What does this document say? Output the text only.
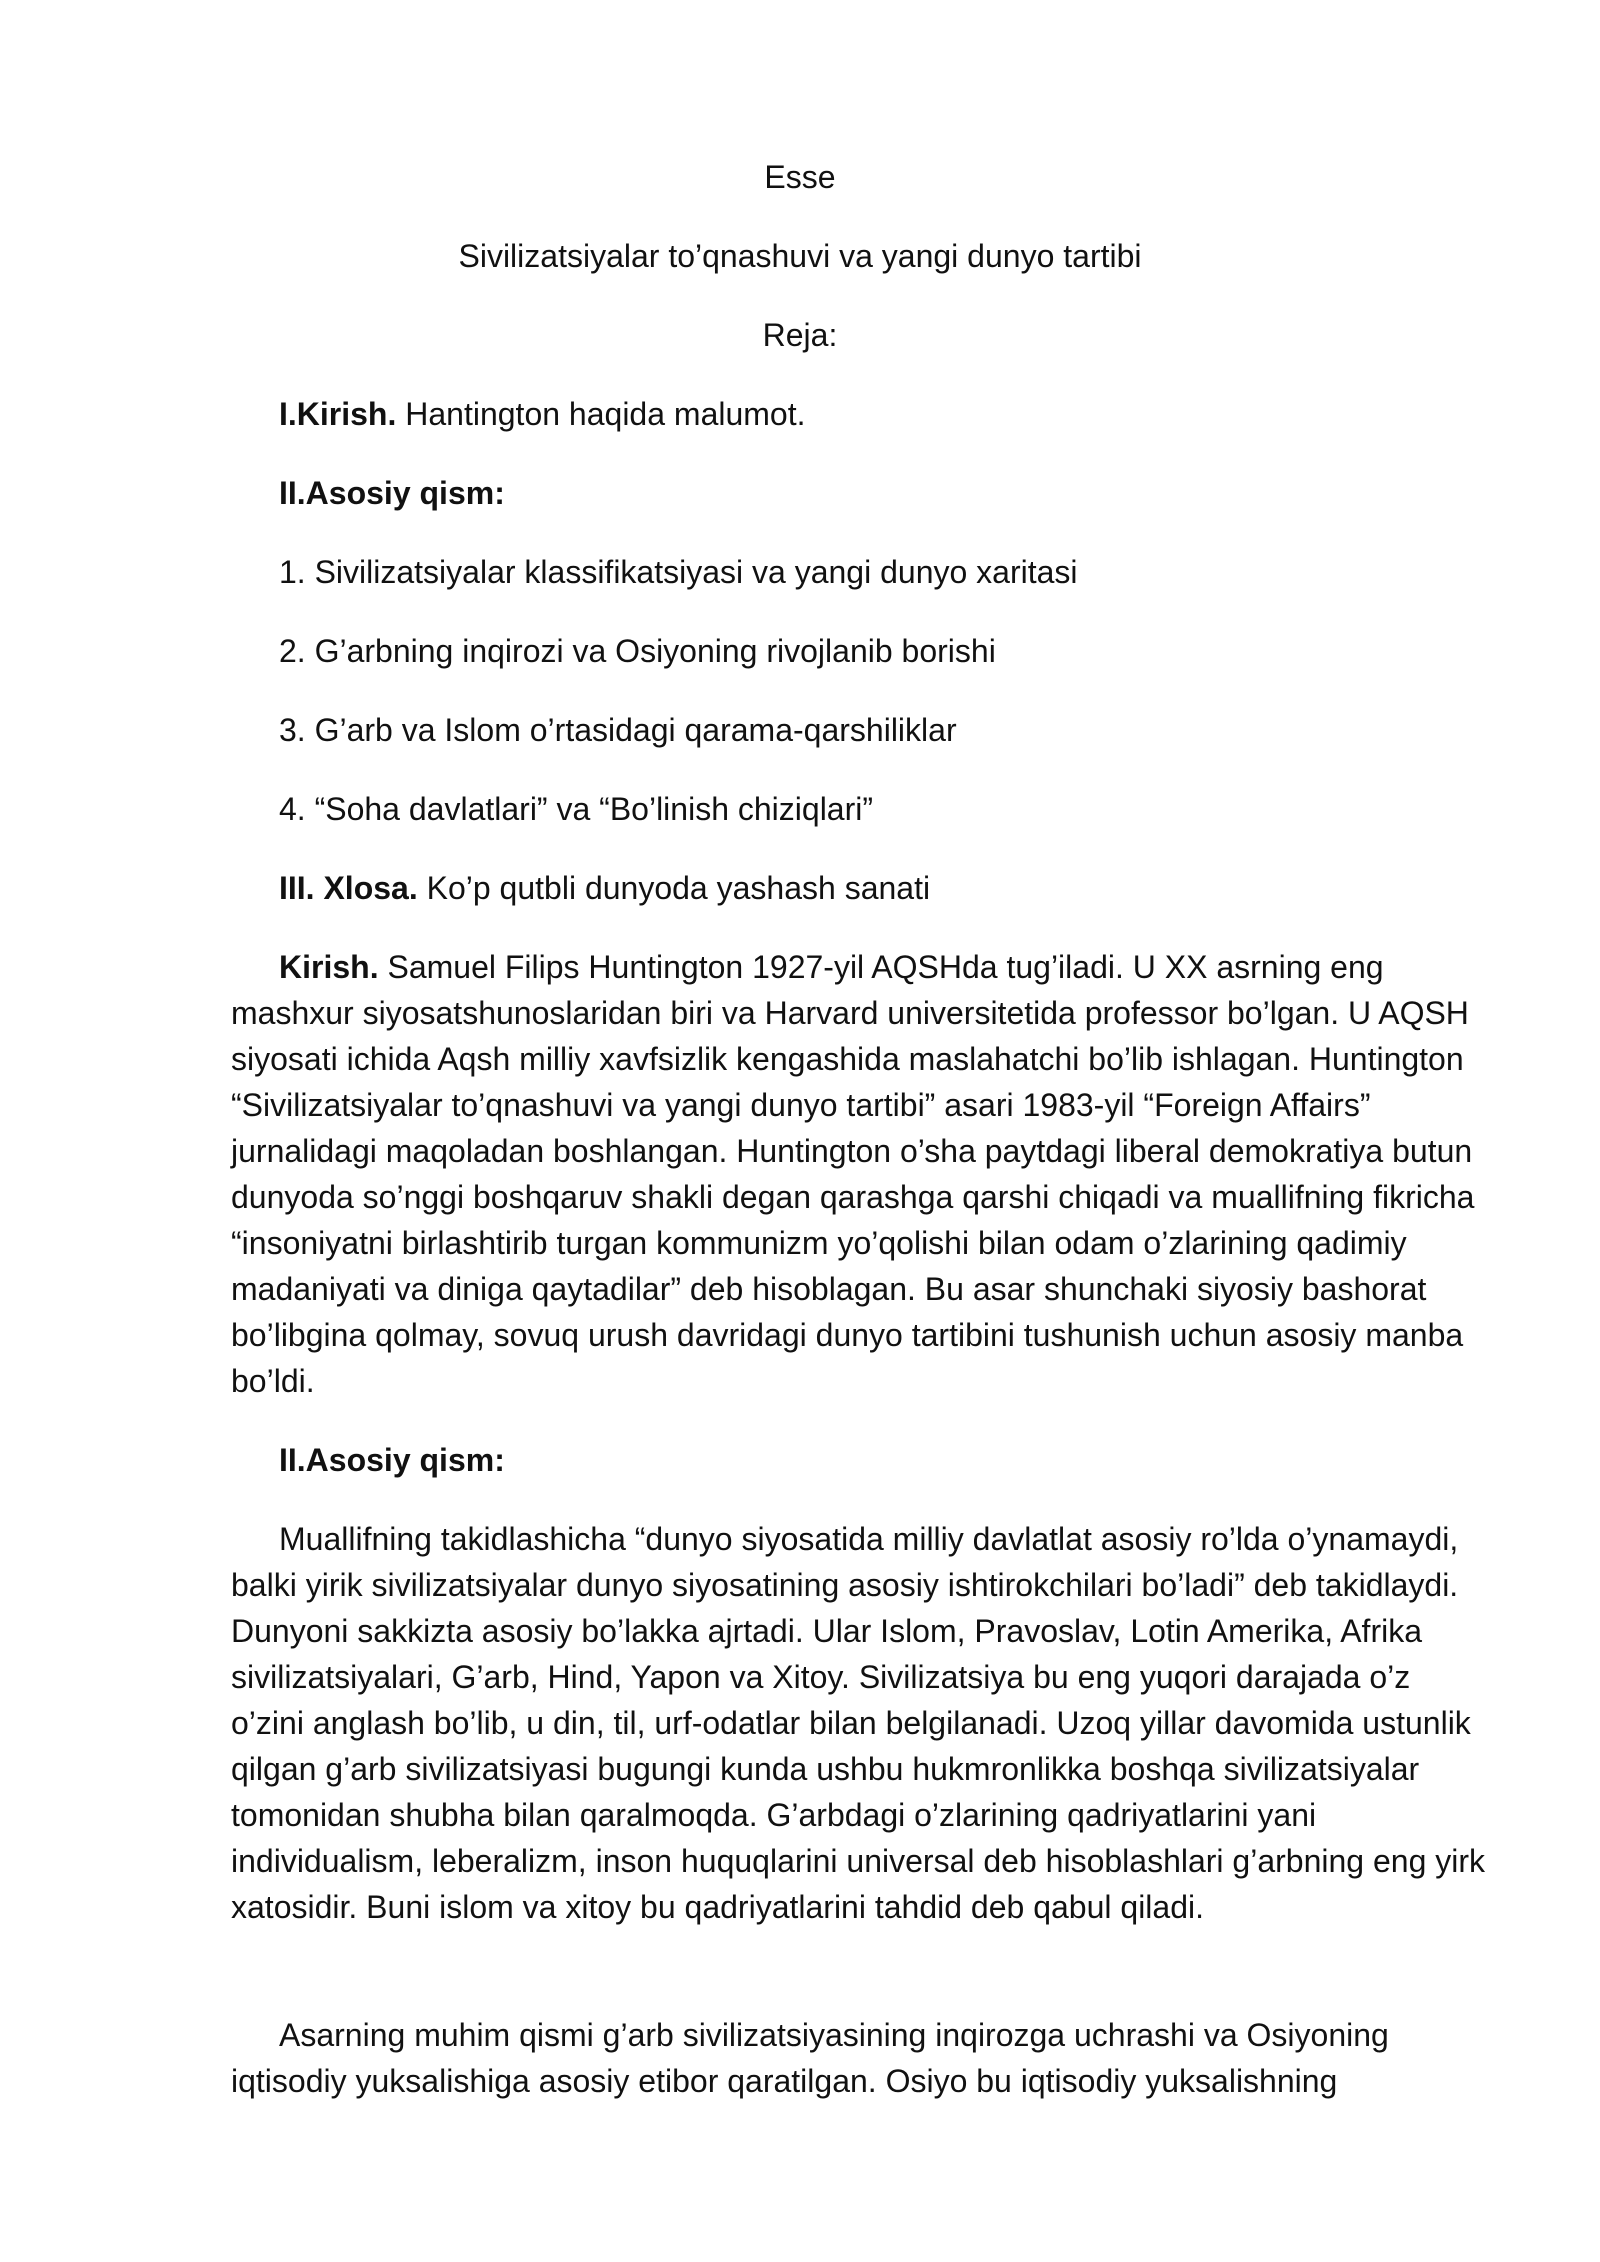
Esse

Sivilizatsiyalar to’qnashuvi va yangi dunyo tartibi

Reja:

I.Kirish. Hantington haqida malumot.

II.Asosiy qism:

1. Sivilizatsiyalar klassifikatsiyasi va yangi dunyo xaritasi

2. G’arbning inqirozi va Osiyoning rivojlanib borishi

3. G’arb va Islom o’rtasidagi qarama-qarshiliklar

4. “Soha davlatlari” va “Bo’linish chiziqlari”

III. Xlosa. Ko’p qutbli dunyoda yashash sanati

Kirish. Samuel Filips Huntington 1927-yil AQSHda tug’iladi. U XX asrning eng mashxur siyosatshunoslaridan biri va Harvard universitetida professor bo’lgan. U AQSH siyosati ichida Aqsh milliy xavfsizlik kengashida maslahatchi bo’lib ishlagan. Huntington “Sivilizatsiyalar to’qnashuvi va yangi dunyo tartibi” asari 1983-yil “Foreign Affairs” jurnalidagi maqoladan boshlangan. Huntington o’sha paytdagi liberal demokratiya butun dunyoda so’nggi boshqaruv shakli degan qarashga qarshi chiqadi va muallifning fikricha “insoniyatni birlashtirib turgan kommunizm yo’qolishi bilan odam o’zlarining qadimiy madaniyati va diniga qaytadilar” deb hisoblagan. Bu asar shunchaki siyosiy bashorat bo’libgina qolmay, sovuq urush davridagi dunyo tartibini tushunish uchun asosiy manba bo’ldi.

II.Asosiy qism:

Muallifning takidlashicha “dunyo siyosatida milliy davlatlat asosiy ro’lda o’ynamaydi, balki yirik sivilizatsiyalar dunyo siyosatining asosiy ishtirokchilari bo’ladi” deb takidlaydi. Dunyoni sakkizta asosiy bo’lakka ajrtadi. Ular Islom, Pravoslav, Lotin Amerika, Afrika sivilizatsiyalari, G’arb, Hind, Yapon va Xitoy. Sivilizatsiya bu eng yuqori darajada o’z o’zini anglash bo’lib, u din, til, urf-odatlar bilan belgilanadi. Uzoq yillar davomida ustunlik qilgan g’arb sivilizatsiyasi bugungi kunda ushbu hukmronlikka boshqa sivilizatsiyalar tomonidan shubha bilan qaralmoqda. G’arbdagi o’zlarining qadriyatlarini yani individualism, leberalizm, inson huquqlarini universal deb hisoblashlari g’arbning eng yirk xatosidir. Buni islom va xitoy bu qadriyatlarini tahdid deb qabul qiladi.

Asarning muhim qismi g’arb sivilizatsiyasining inqirozga uchrashi va Osiyoning iqtisodiy yuksalishiga asosiy etibor qaratilgan. Osiyo bu iqtisodiy yuksalishning
